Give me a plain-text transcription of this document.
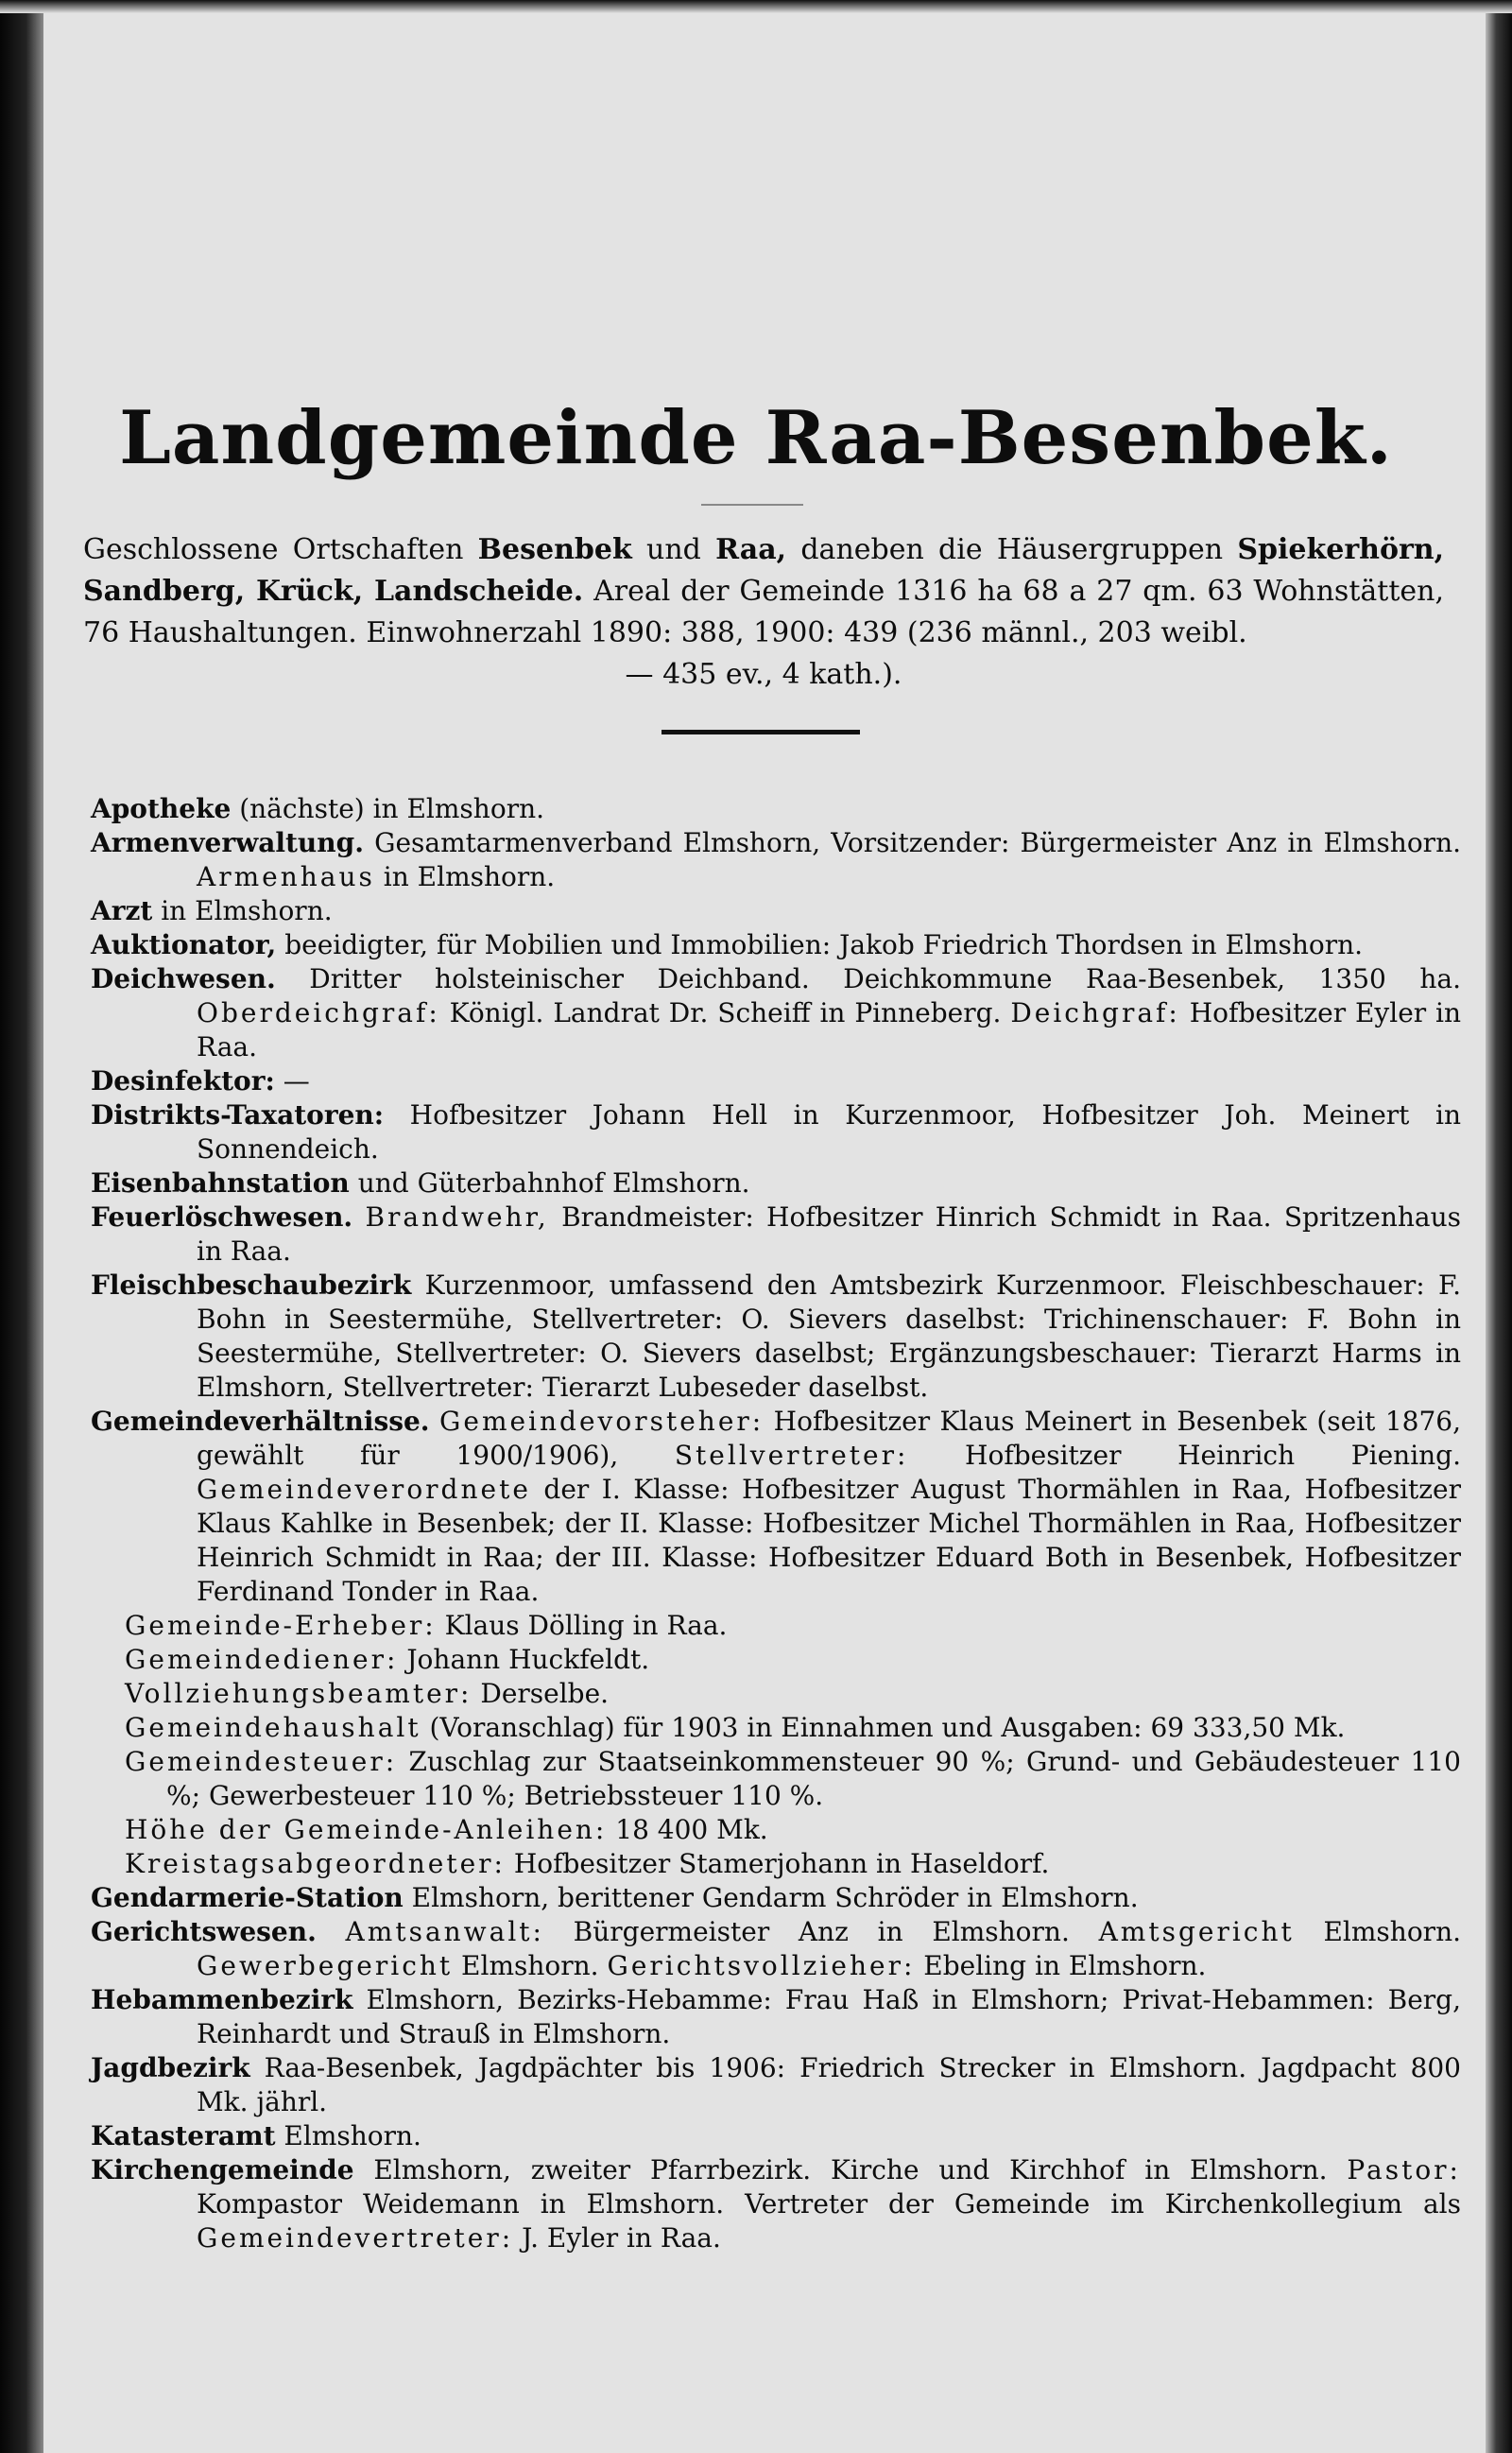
Landgemeinde Raa-Besenbek.
Geschlossene Ortschaften Besenbek und Raa, daneben die Häusergruppen Spiekerhörn, Sandberg, Krück, Landscheide. Areal der Gemeinde 1316 ha 68 a 27 qm. 63 Wohnstätten, 76 Haushaltungen. Einwohnerzahl 1890: 388, 1900: 439 (236 männl., 203 weibl.
— 435 ev., 4 kath.).
Apotheke (nächste) in Elmshorn.
Armenverwaltung. Gesamtarmenverband Elmshorn, Vorsitzender: Bürgermeister Anz in Elmshorn. Armenhaus in Elmshorn.
Arzt in Elmshorn.
Auktionator, beeidigter, für Mobilien und Immobilien: Jakob Friedrich Thordsen in Elmshorn.
Deichwesen. Dritter holsteinischer Deichband. Deichkommune Raa-Besenbek, 1350 ha. Oberdeichgraf: Königl. Landrat Dr. Scheiff in Pinneberg. Deichgraf: Hofbesitzer Eyler in Raa.
Desinfektor: —
Distrikts-Taxatoren: Hofbesitzer Johann Hell in Kurzenmoor, Hofbesitzer Joh. Meinert in Sonnendeich.
Eisenbahnstation und Güterbahnhof Elmshorn.
Feuerlöschwesen. Brandwehr, Brandmeister: Hofbesitzer Hinrich Schmidt in Raa. Spritzenhaus in Raa.
Fleischbeschaubezirk Kurzenmoor, umfassend den Amtsbezirk Kurzenmoor. Fleischbeschauer: F. Bohn in Seestermühe, Stellvertreter: O. Sievers daselbst: Trichinenschauer: F. Bohn in Seestermühe, Stellvertreter: O. Sievers daselbst; Ergänzungsbeschauer: Tierarzt Harms in Elmshorn, Stellvertreter: Tierarzt Lubeseder daselbst.
Gemeindeverhältnisse. Gemeindevorsteher: Hofbesitzer Klaus Meinert in Besenbek (seit 1876, gewählt für 1900/1906), Stellvertreter: Hofbesitzer Heinrich Piening. Gemeindeverordnete der I. Klasse: Hofbesitzer August Thormählen in Raa, Hofbesitzer Klaus Kahlke in Besenbek; der II. Klasse: Hofbesitzer Michel Thormählen in Raa, Hofbesitzer Heinrich Schmidt in Raa; der III. Klasse: Hofbesitzer Eduard Both in Besenbek, Hofbesitzer Ferdinand Tonder in Raa.
Gemeinde-Erheber: Klaus Dölling in Raa.
Gemeindediener: Johann Huckfeldt.
Vollziehungsbeamter: Derselbe.
Gemeindehaushalt (Voranschlag) für 1903 in Einnahmen und Ausgaben: 69 333,50 Mk.
Gemeindesteuer: Zuschlag zur Staatseinkommensteuer 90 %; Grund- und Gebäudesteuer 110 %; Gewerbesteuer 110 %; Betriebssteuer 110 %.
Höhe der Gemeinde-Anleihen: 18 400 Mk.
Kreistagsabgeordneter: Hofbesitzer Stamerjohann in Haseldorf.
Gendarmerie-Station Elmshorn, berittener Gendarm Schröder in Elmshorn.
Gerichtswesen. Amtsanwalt: Bürgermeister Anz in Elmshorn. Amtsgericht Elmshorn. Gewerbegericht Elmshorn. Gerichtsvollzieher: Ebeling in Elmshorn.
Hebammenbezirk Elmshorn, Bezirks-Hebamme: Frau Haß in Elmshorn; Privat-Hebammen: Berg, Reinhardt und Strauß in Elmshorn.
Jagdbezirk Raa-Besenbek, Jagdpächter bis 1906: Friedrich Strecker in Elmshorn. Jagdpacht 800 Mk. jährl.
Katasteramt Elmshorn.
Kirchengemeinde Elmshorn, zweiter Pfarrbezirk. Kirche und Kirchhof in Elmshorn. Pastor: Kompastor Weidemann in Elmshorn. Vertreter der Gemeinde im Kirchenkollegium als Gemeindevertreter: J. Eyler in Raa.
